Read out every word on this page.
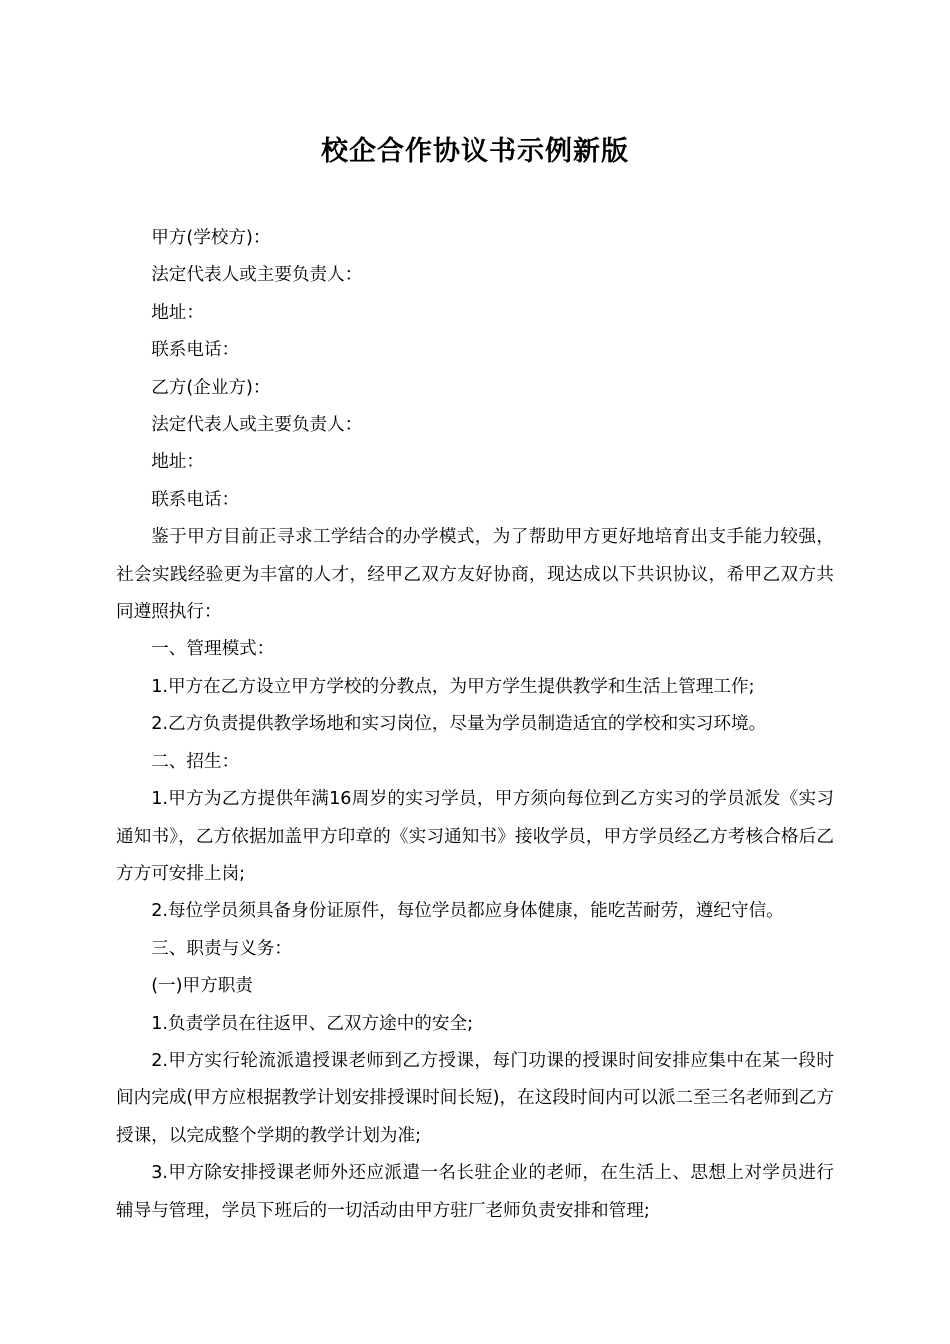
校企合作协议书示例新版

甲方(学校方)：

法定代表人或主要负责人：

地址：

联系电话：

乙方(企业方)：

法定代表人或主要负责人：

地址：

联系电话：

鉴于甲方目前正寻求工学结合的办学模式，为了帮助甲方更好地培育出支手能力较强，社会实践经验更为丰富的人才，经甲乙双方友好协商，现达成以下共识协议，希甲乙双方共同遵照执行：

一、管理模式：

1.甲方在乙方设立甲方学校的分教点，为甲方学生提供教学和生活上管理工作;

2.乙方负责提供教学场地和实习岗位，尽量为学员制造适宜的学校和实习环境。

二、招生：

1.甲方为乙方提供年满16周岁的实习学员，甲方须向每位到乙方实习的学员派发《实习通知书》，乙方依据加盖甲方印章的《实习通知书》接收学员，甲方学员经乙方考核合格后乙方方可安排上岗;

2.每位学员须具备身份证原件，每位学员都应身体健康，能吃苦耐劳，遵纪守信。

三、职责与义务：

(一)甲方职责

1.负责学员在往返甲、乙双方途中的安全;

2.甲方实行轮流派遣授课老师到乙方授课，每门功课的授课时间安排应集中在某一段时间内完成(甲方应根据教学计划安排授课时间长短)，在这段时间内可以派二至三名老师到乙方授课，以完成整个学期的教学计划为准;

3.甲方除安排授课老师外还应派遣一名长驻企业的老师，在生活上、思想上对学员进行辅导与管理，学员下班后的一切活动由甲方驻厂老师负责安排和管理;
